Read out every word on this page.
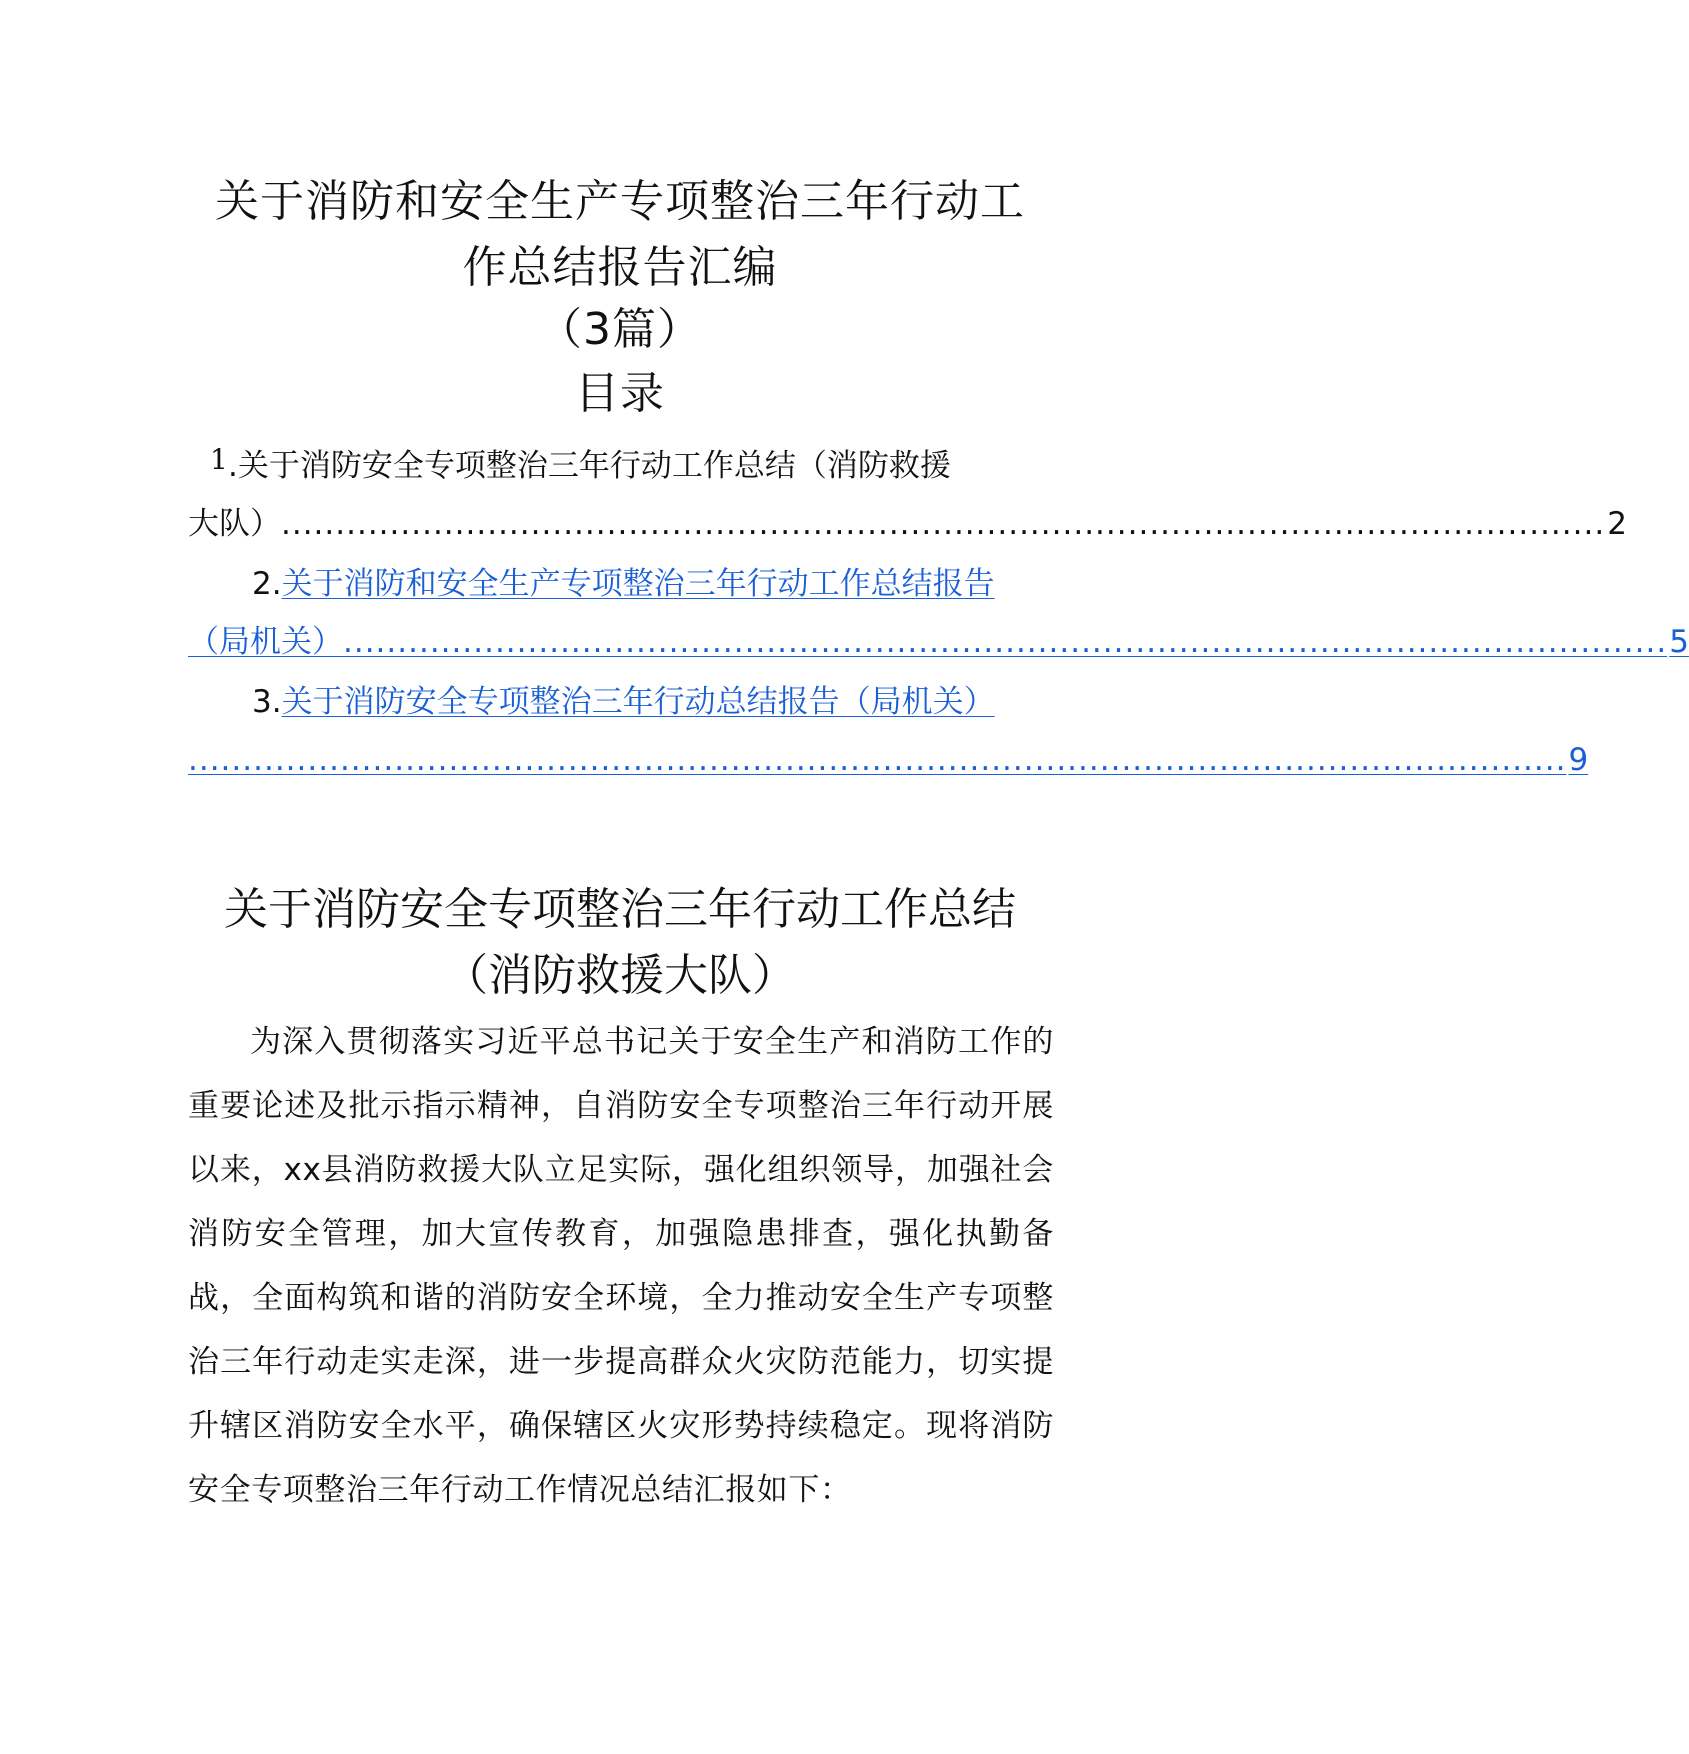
关于消防和安全生产专项整治三年行动工
作总结报告汇编
（3篇）
目录
1 .关于消防安全专项整治三年行动工作总结（消防救援
大队） .......................................................................................................................... 2
2. 关于消防和安全生产专项整治三年行动工作总结报告
（局机关） .......................................................................................................................... 5
3. 关于消防安全专项整治三年行动总结报告（局机关）
............................................................................................................................... 9
关于消防安全专项整治三年行动工作总结
（消防救援大队）

为深入贯彻落实习近平总书记关于安全生产和消防工作的重要论述及批示指示精神，自消防安全专项整治三年行动开展以来，xx县消防救援大队立足实际，强化组织领导，加强社会消防安全管理，加大宣传教育，加强隐患排查，强化执勤备战，全面构筑和谐的消防安全环境，全力推动安全生产专项整治三年行动走实走深，进一步提高群众火灾防范能力，切实提升辖区消防安全水平，确保辖区火灾形势持续稳定。现将消防安全专项整治三年行动工作情况总结汇报如下：
